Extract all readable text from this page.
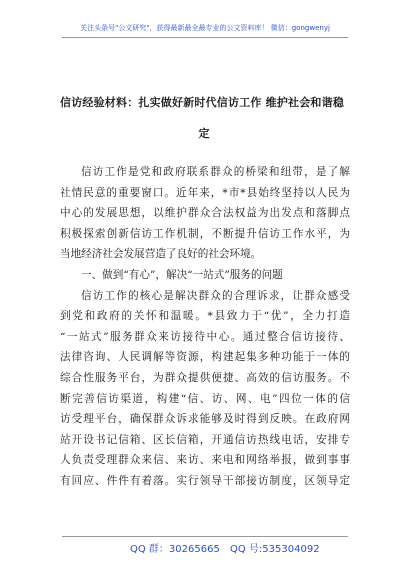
关注头条号"公文研究"，获得最新最全最专业的公文资料库！ 微信：gongwenyj
信访经验材料：扎实做好新时代信访工作 维护社会和谐稳
定
信访工作是党和政府联系群众的桥梁和纽带，是了解
社情民意的重要窗口。近年来，*市*县始终坚持以人民为
中心的发展思想，以维护群众合法权益为出发点和落脚点
积极探索创新信访工作机制，不断提升信访工作水平，为
当地经济社会发展营造了良好的社会环境。
一、做到“有心”，解决“一站式”服务的问题
信访工作的核心是解决群众的合理诉求，让群众感受
到党和政府的关怀和温暖。*县致力于“优”，全力打造
“一站式”服务群众来访接待中心。通过整合信访接待、
法律咨询、人民调解等资源，构建起集多种功能于一体的
综合性服务平台，为群众提供便捷、高效的信访服务。不
断完善信访渠道，构建“信、访、网、电”四位一体的信
访受理平台，确保群众诉求能够及时得到反映。在政府网
站开设书记信箱、区长信箱，开通信访热线电话，安排专
人负责受理群众来信、来访、来电和网络举报，做到事事
有回应、件件有着落。实行领导干部接访制度，区领导定
QQ 群：30265665 QQ 号:535304092
